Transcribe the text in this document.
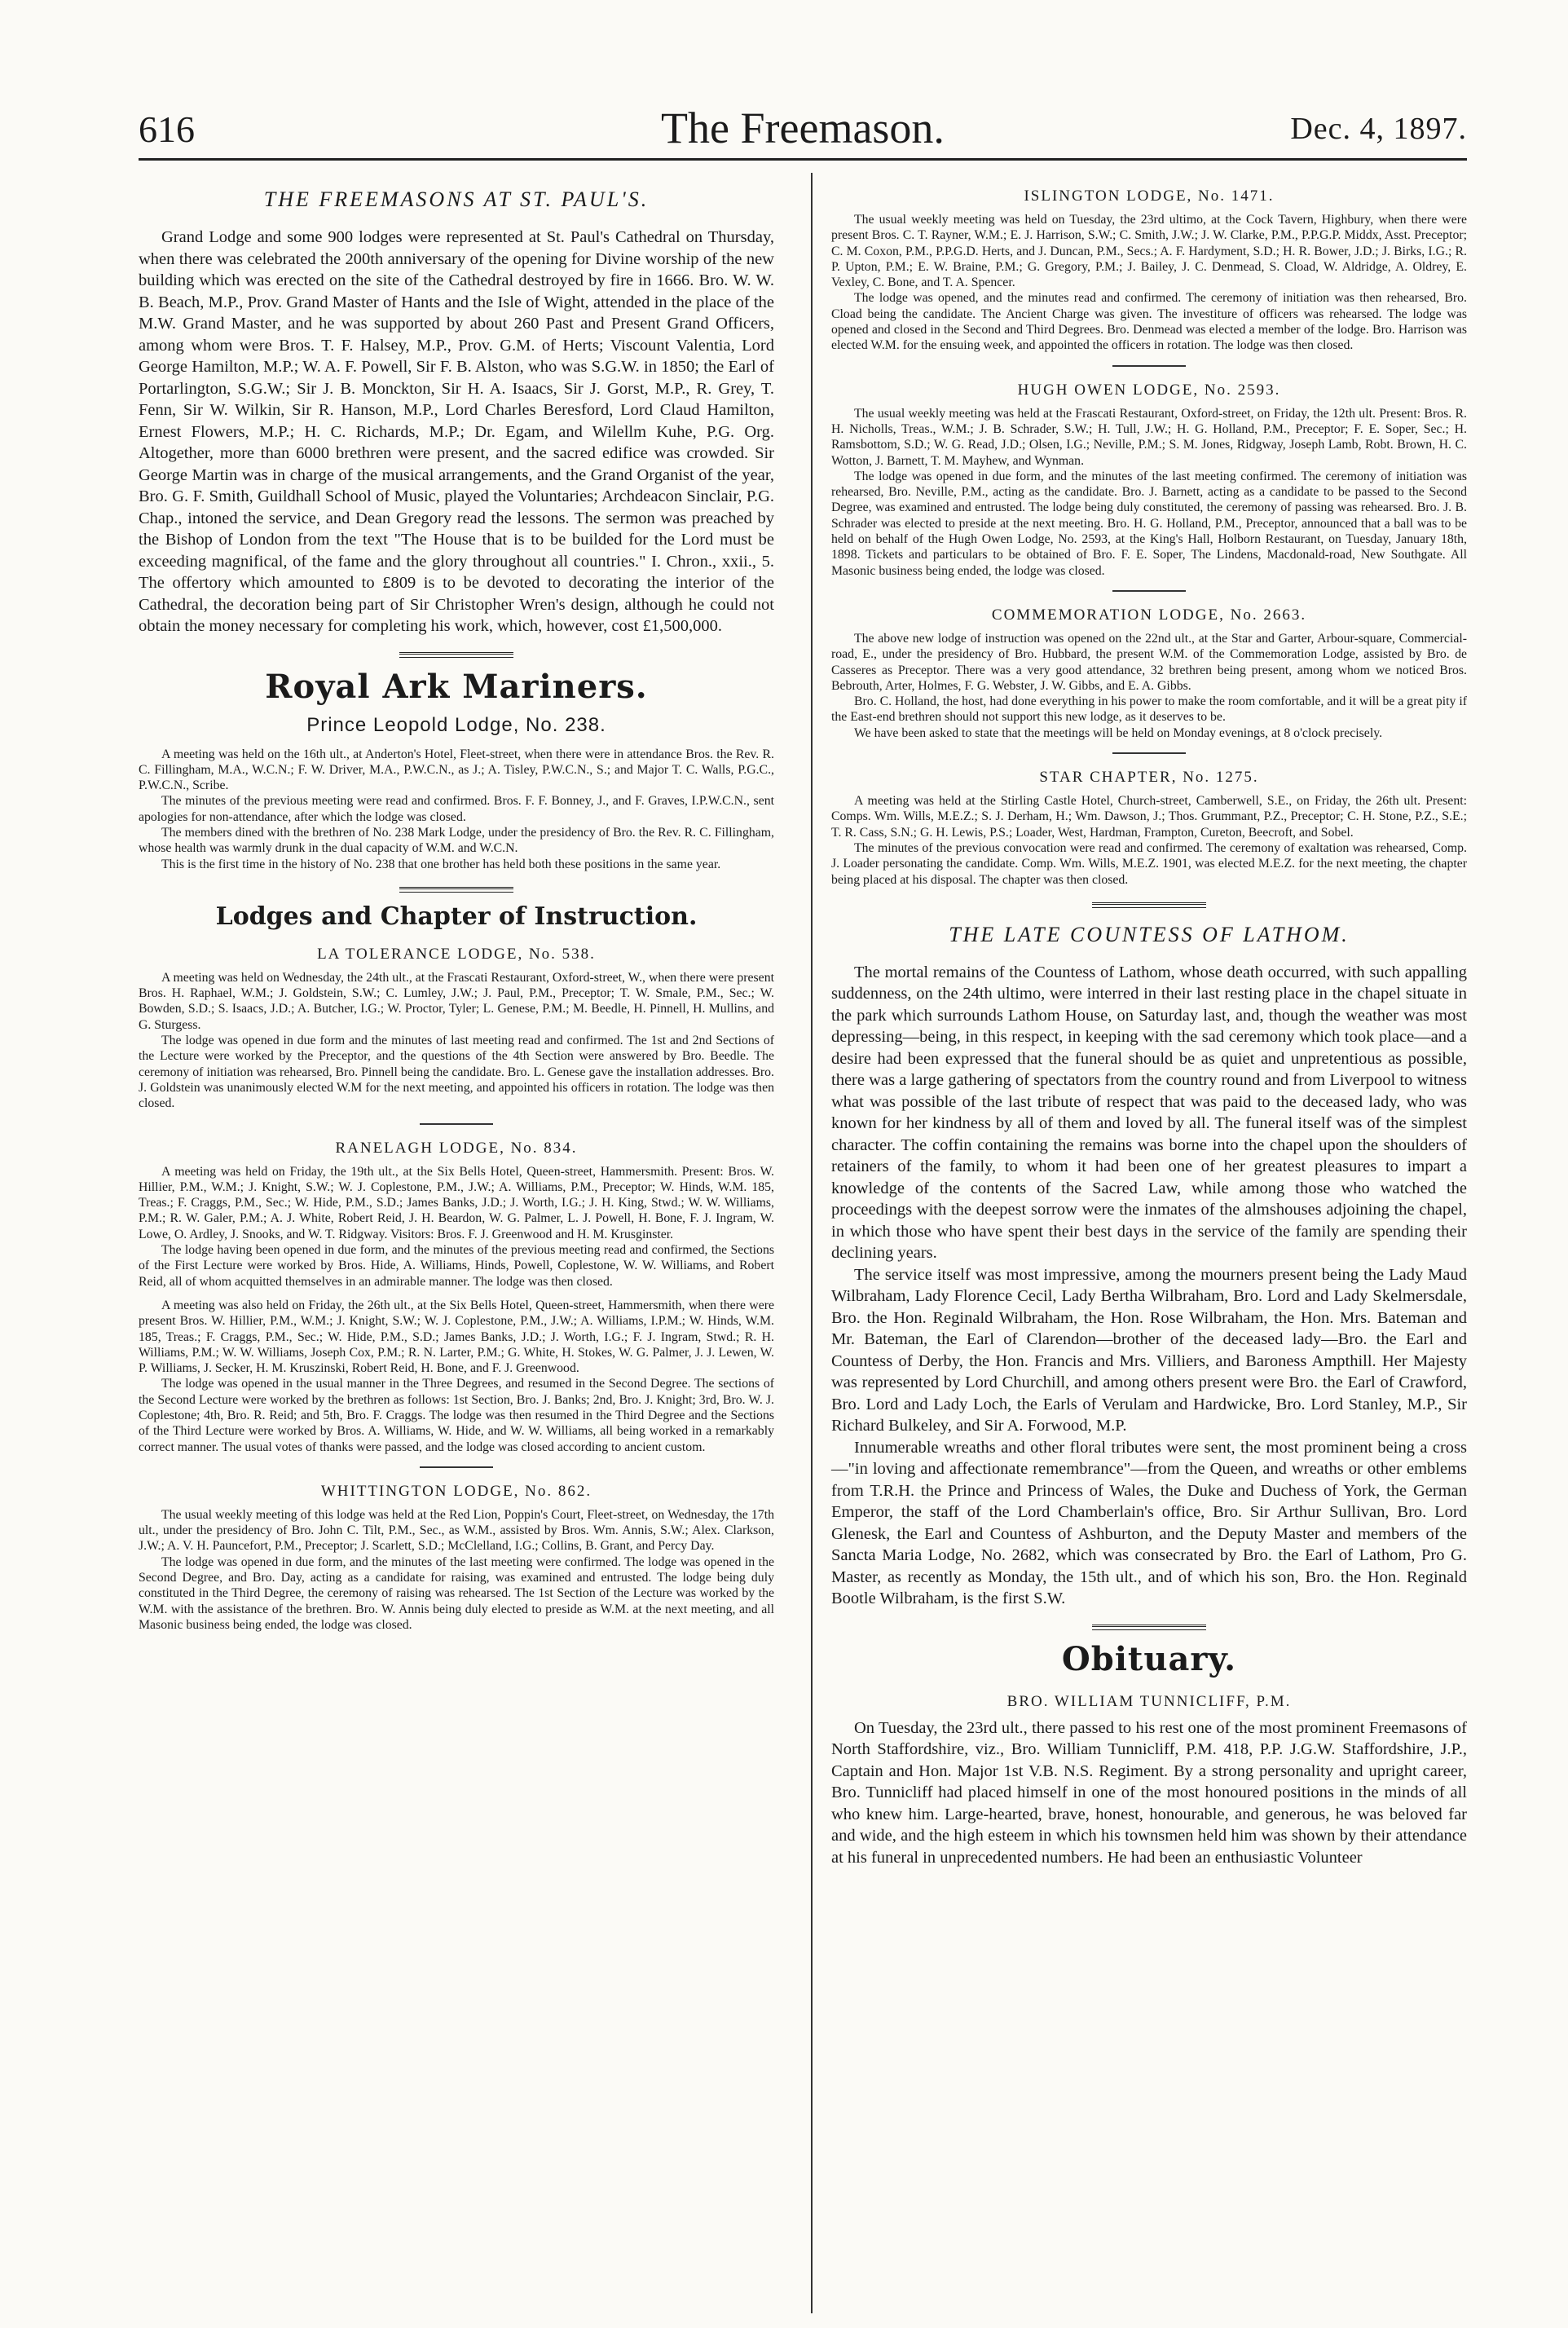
616	The Freemason.	Dec. 4, 1897.
THE FREEMASONS AT ST. PAUL'S.

Grand Lodge and some 900 lodges were represented at St. Paul's Cathedral on Thursday, when there was celebrated the 200th anniversary of the opening for Divine worship of the new building which was erected on the site of the Cathedral destroyed by fire in 1666. Bro. W. W. B. Beach, M.P., Prov. Grand Master of Hants and the Isle of Wight, attended in the place of the M.W. Grand Master, and he was supported by about 260 Past and Present Grand Officers, among whom were Bros. T. F. Halsey, M.P., Prov. G.M. of Herts; Viscount Valentia, Lord George Hamilton, M.P.; W. A. F. Powell, Sir F. B. Alston, who was S.G.W. in 1850; the Earl of Portarlington, S.G.W.; Sir J. B. Monckton, Sir H. A. Isaacs, Sir J. Gorst, M.P., R. Grey, T. Fenn, Sir W. Wilkin, Sir R. Hanson, M.P., Lord Charles Beresford, Lord Claud Hamilton, Ernest Flowers, M.P.; H. C. Richards, M.P.; Dr. Egam, and Wilellm Kuhe, P.G. Org. Altogether, more than 6000 brethren were present, and the sacred edifice was crowded. Sir George Martin was in charge of the musical arrangements, and the Grand Organist of the year, Bro. G. F. Smith, Guildhall School of Music, played the Voluntaries; Archdeacon Sinclair, P.G. Chap., intoned the service, and Dean Gregory read the lessons. The sermon was preached by the Bishop of London from the text "The House that is to be builded for the Lord must be exceeding magnifical, of the fame and the glory throughout all countries." I. Chron., xxii., 5. The offertory which amounted to £809 is to be devoted to decorating the interior of the Cathedral, the decoration being part of Sir Christopher Wren's design, although he could not obtain the money necessary for completing his work, which, however, cost £1,500,000.

Royal Ark Mariners.
Prince Leopold Lodge, No. 238.

A meeting was held on the 16th ult., at Anderton's Hotel, Fleet-street, when there were in attendance Bros. the Rev. R. C. Fillingham, M.A., W.C.N.; F. W. Driver, M.A., P.W.C.N., as J.; A. Tisley, P.W.C.N., S.; and Major T. C. Walls, P.G.C., P.W.C.N., Scribe.

The minutes of the previous meeting were read and confirmed. Bros. F. F. Bonney, J., and F. Graves, I.P.W.C.N., sent apologies for non-attendance, after which the lodge was closed.

The members dined with the brethren of No. 238 Mark Lodge, under the presidency of Bro. the Rev. R. C. Fillingham, whose health was warmly drunk in the dual capacity of W.M. and W.C.N.

This is the first time in the history of No. 238 that one brother has held both these positions in the same year.

Lodges and Chapter of Instruction.
LA TOLERANCE LODGE, No. 538.

A meeting was held on Wednesday, the 24th ult., at the Frascati Restaurant, Oxford-street, W., when there were present Bros. H. Raphael, W.M.; J. Goldstein, S.W.; C. Lumley, J.W.; J. Paul, P.M., Preceptor; T. W. Smale, P.M., Sec.; W. Bowden, S.D.; S. Isaacs, J.D.; A. Butcher, I.G.; W. Proctor, Tyler; L. Genese, P.M.; M. Beedle, H. Pinnell, H. Mullins, and G. Sturgess.

The lodge was opened in due form and the minutes of last meeting read and confirmed. The 1st and 2nd Sections of the Lecture were worked by the Preceptor, and the questions of the 4th Section were answered by Bro. Beedle. The ceremony of initiation was rehearsed, Bro. Pinnell being the candidate. Bro. L. Genese gave the installation addresses. Bro. J. Goldstein was unanimously elected W.M for the next meeting, and appointed his officers in rotation. The lodge was then closed.

RANELAGH LODGE, No. 834.

A meeting was held on Friday, the 19th ult., at the Six Bells Hotel, Queen-street, Hammersmith. Present: Bros. W. Hillier, P.M., W.M.; J. Knight, S.W.; W. J. Coplestone, P.M., J.W.; A. Williams, P.M., Preceptor; W. Hinds, W.M. 185, Treas.; F. Craggs, P.M., Sec.; W. Hide, P.M., S.D.; James Banks, J.D.; J. Worth, I.G.; J. H. King, Stwd.; W. W. Williams, P.M.; R. W. Galer, P.M.; A. J. White, Robert Reid, J. H. Beardon, W. G. Palmer, L. J. Powell, H. Bone, F. J. Ingram, W. Lowe, O. Ardley, J. Snooks, and W. T. Ridgway. Visitors: Bros. F. J. Greenwood and H. M. Krusginster.

The lodge having been opened in due form, and the minutes of the previous meeting read and confirmed, the Sections of the First Lecture were worked by Bros. Hide, A. Williams, Hinds, Powell, Coplestone, W. W. Williams, and Robert Reid, all of whom acquitted themselves in an admirable manner. The lodge was then closed.

A meeting was also held on Friday, the 26th ult., at the Six Bells Hotel, Queen-street, Hammersmith, when there were present Bros. W. Hillier, P.M., W.M.; J. Knight, S.W.; W. J. Coplestone, P.M., J.W.; A. Williams, I.P.M.; W. Hinds, W.M. 185, Treas.; F. Craggs, P.M., Sec.; W. Hide, P.M., S.D.; James Banks, J.D.; J. Worth, I.G.; F. J. Ingram, Stwd.; R. H. Williams, P.M.; W. W. Williams, Joseph Cox, P.M.; R. N. Larter, P.M.; G. White, H. Stokes, W. G. Palmer, J. J. Lewen, W. P. Williams, J. Secker, H. M. Kruszinski, Robert Reid, H. Bone, and F. J. Greenwood.

The lodge was opened in the usual manner in the Three Degrees, and resumed in the Second Degree. The sections of the Second Lecture were worked by the brethren as follows: 1st Section, Bro. J. Banks; 2nd, Bro. J. Knight; 3rd, Bro. W. J. Coplestone; 4th, Bro. R. Reid; and 5th, Bro. F. Craggs. The lodge was then resumed in the Third Degree and the Sections of the Third Lecture were worked by Bros. A. Williams, W. Hide, and W. W. Williams, all being worked in a remarkably correct manner. The usual votes of thanks were passed, and the lodge was closed according to ancient custom.

WHITTINGTON LODGE, No. 862.

The usual weekly meeting of this lodge was held at the Red Lion, Poppin's Court, Fleet-street, on Wednesday, the 17th ult., under the presidency of Bro. John C. Tilt, P.M., Sec., as W.M., assisted by Bros. Wm. Annis, S.W.; Alex. Clarkson, J.W.; A. V. H. Pauncefort, P.M., Preceptor; J. Scarlett, S.D.; McClelland, I.G.; Collins, B. Grant, and Percy Day.

The lodge was opened in due form, and the minutes of the last meeting were confirmed. The lodge was opened in the Second Degree, and Bro. Day, acting as a candidate for raising, was examined and entrusted. The lodge being duly constituted in the Third Degree, the ceremony of raising was rehearsed. The 1st Section of the Lecture was worked by the W.M. with the assistance of the brethren. Bro. W. Annis being duly elected to preside as W.M. at the next meeting, and all Masonic business being ended, the lodge was closed.

ISLINGTON LODGE, No. 1471.

The usual weekly meeting was held on Tuesday, the 23rd ultimo, at the Cock Tavern, Highbury, when there were present Bros. C. T. Rayner, W.M.; E. J. Harrison, S.W.; C. Smith, J.W.; J. W. Clarke, P.M., P.P.G.P. Middx, Asst. Preceptor; C. M. Coxon, P.M., P.P.G.D. Herts, and J. Duncan, P.M., Secs.; A. F. Hardyment, S.D.; H. R. Bower, J.D.; J. Birks, I.G.; R. P. Upton, P.M.; E. W. Braine, P.M.; G. Gregory, P.M.; J. Bailey, J. C. Denmead, S. Cload, W. Aldridge, A. Oldrey, E. Vexley, C. Bone, and T. A. Spencer.

The lodge was opened, and the minutes read and confirmed. The ceremony of initiation was then rehearsed, Bro. Cload being the candidate. The Ancient Charge was given. The investiture of officers was rehearsed. The lodge was opened and closed in the Second and Third Degrees. Bro. Denmead was elected a member of the lodge. Bro. Harrison was elected W.M. for the ensuing week, and appointed the officers in rotation. The lodge was then closed.

HUGH OWEN LODGE, No. 2593.

The usual weekly meeting was held at the Frascati Restaurant, Oxford-street, on Friday, the 12th ult. Present: Bros. R. H. Nicholls, Treas., W.M.; J. B. Schrader, S.W.; H. Tull, J.W.; H. G. Holland, P.M., Preceptor; F. E. Soper, Sec.; H. Ramsbottom, S.D.; W. G. Read, J.D.; Olsen, I.G.; Neville, P.M.; S. M. Jones, Ridgway, Joseph Lamb, Robt. Brown, H. C. Wotton, J. Barnett, T. M. Mayhew, and Wynman.

The lodge was opened in due form, and the minutes of the last meeting confirmed. The ceremony of initiation was rehearsed, Bro. Neville, P.M., acting as the candidate. Bro. J. Barnett, acting as a candidate to be passed to the Second Degree, was examined and entrusted. The lodge being duly constituted, the ceremony of passing was rehearsed. Bro. J. B. Schrader was elected to preside at the next meeting. Bro. H. G. Holland, P.M., Preceptor, announced that a ball was to be held on behalf of the Hugh Owen Lodge, No. 2593, at the King's Hall, Holborn Restaurant, on Tuesday, January 18th, 1898. Tickets and particulars to be obtained of Bro. F. E. Soper, The Lindens, Macdonald-road, New Southgate. All Masonic business being ended, the lodge was closed.

COMMEMORATION LODGE, No. 2663.

The above new lodge of instruction was opened on the 22nd ult., at the Star and Garter, Arbour-square, Commercial-road, E., under the presidency of Bro. Hubbard, the present W.M. of the Commemoration Lodge, assisted by Bro. de Casseres as Preceptor. There was a very good attendance, 32 brethren being present, among whom we noticed Bros. Bebrouth, Arter, Holmes, F. G. Webster, J. W. Gibbs, and E. A. Gibbs.

Bro. C. Holland, the host, had done everything in his power to make the room comfortable, and it will be a great pity if the East-end brethren should not support this new lodge, as it deserves to be.

We have been asked to state that the meetings will be held on Monday evenings, at 8 o'clock precisely.

STAR CHAPTER, No. 1275.

A meeting was held at the Stirling Castle Hotel, Church-street, Camberwell, S.E., on Friday, the 26th ult. Present: Comps. Wm. Wills, M.E.Z.; S. J. Derham, H.; Wm. Dawson, J.; Thos. Grummant, P.Z., Preceptor; C. H. Stone, P.Z., S.E.; T. R. Cass, S.N.; G. H. Lewis, P.S.; Loader, West, Hardman, Frampton, Cureton, Beecroft, and Sobel.

The minutes of the previous convocation were read and confirmed. The ceremony of exaltation was rehearsed, Comp. J. Loader personating the candidate. Comp. Wm. Wills, M.E.Z. 1901, was elected M.E.Z. for the next meeting, the chapter being placed at his disposal. The chapter was then closed.

THE LATE COUNTESS OF LATHOM.

The mortal remains of the Countess of Lathom, whose death occurred, with such appalling suddenness, on the 24th ultimo, were interred in their last resting place in the chapel situate in the park which surrounds Lathom House, on Saturday last, and, though the weather was most depressing—being, in this respect, in keeping with the sad ceremony which took place—and a desire had been expressed that the funeral should be as quiet and unpretentious as possible, there was a large gathering of spectators from the country round and from Liverpool to witness what was possible of the last tribute of respect that was paid to the deceased lady, who was known for her kindness by all of them and loved by all. The funeral itself was of the simplest character. The coffin containing the remains was borne into the chapel upon the shoulders of retainers of the family, to whom it had been one of her greatest pleasures to impart a knowledge of the contents of the Sacred Law, while among those who watched the proceedings with the deepest sorrow were the inmates of the almshouses adjoining the chapel, in which those who have spent their best days in the service of the family are spending their declining years.

The service itself was most impressive, among the mourners present being the Lady Maud Wilbraham, Lady Florence Cecil, Lady Bertha Wilbraham, Bro. Lord and Lady Skelmersdale, Bro. the Hon. Reginald Wilbraham, the Hon. Rose Wilbraham, the Hon. Mrs. Bateman and Mr. Bateman, the Earl of Clarendon—brother of the deceased lady—Bro. the Earl and Countess of Derby, the Hon. Francis and Mrs. Villiers, and Baroness Ampthill. Her Majesty was represented by Lord Churchill, and among others present were Bro. the Earl of Crawford, Bro. Lord and Lady Loch, the Earls of Verulam and Hardwicke, Bro. Lord Stanley, M.P., Sir Richard Bulkeley, and Sir A. Forwood, M.P.

Innumerable wreaths and other floral tributes were sent, the most prominent being a cross—"in loving and affectionate remembrance"—from the Queen, and wreaths or other emblems from T.R.H. the Prince and Princess of Wales, the Duke and Duchess of York, the German Emperor, the staff of the Lord Chamberlain's office, Bro. Sir Arthur Sullivan, Bro. Lord Glenesk, the Earl and Countess of Ashburton, and the Deputy Master and members of the Sancta Maria Lodge, No. 2682, which was consecrated by Bro. the Earl of Lathom, Pro G. Master, as recently as Monday, the 15th ult., and of which his son, Bro. the Hon. Reginald Bootle Wilbraham, is the first S.W.

Obituary.
BRO. WILLIAM TUNNICLIFF, P.M.

On Tuesday, the 23rd ult., there passed to his rest one of the most prominent Freemasons of North Staffordshire, viz., Bro. William Tunnicliff, P.M. 418, P.P. J.G.W. Staffordshire, J.P., Captain and Hon. Major 1st V.B. N.S. Regiment. By a strong personality and upright career, Bro. Tunnicliff had placed himself in one of the most honoured positions in the minds of all who knew him. Large-hearted, brave, honest, honourable, and generous, he was beloved far and wide, and the high esteem in which his townsmen held him was shown by their attendance at his funeral in unprecedented numbers. He had been an enthusiastic Volunteer
